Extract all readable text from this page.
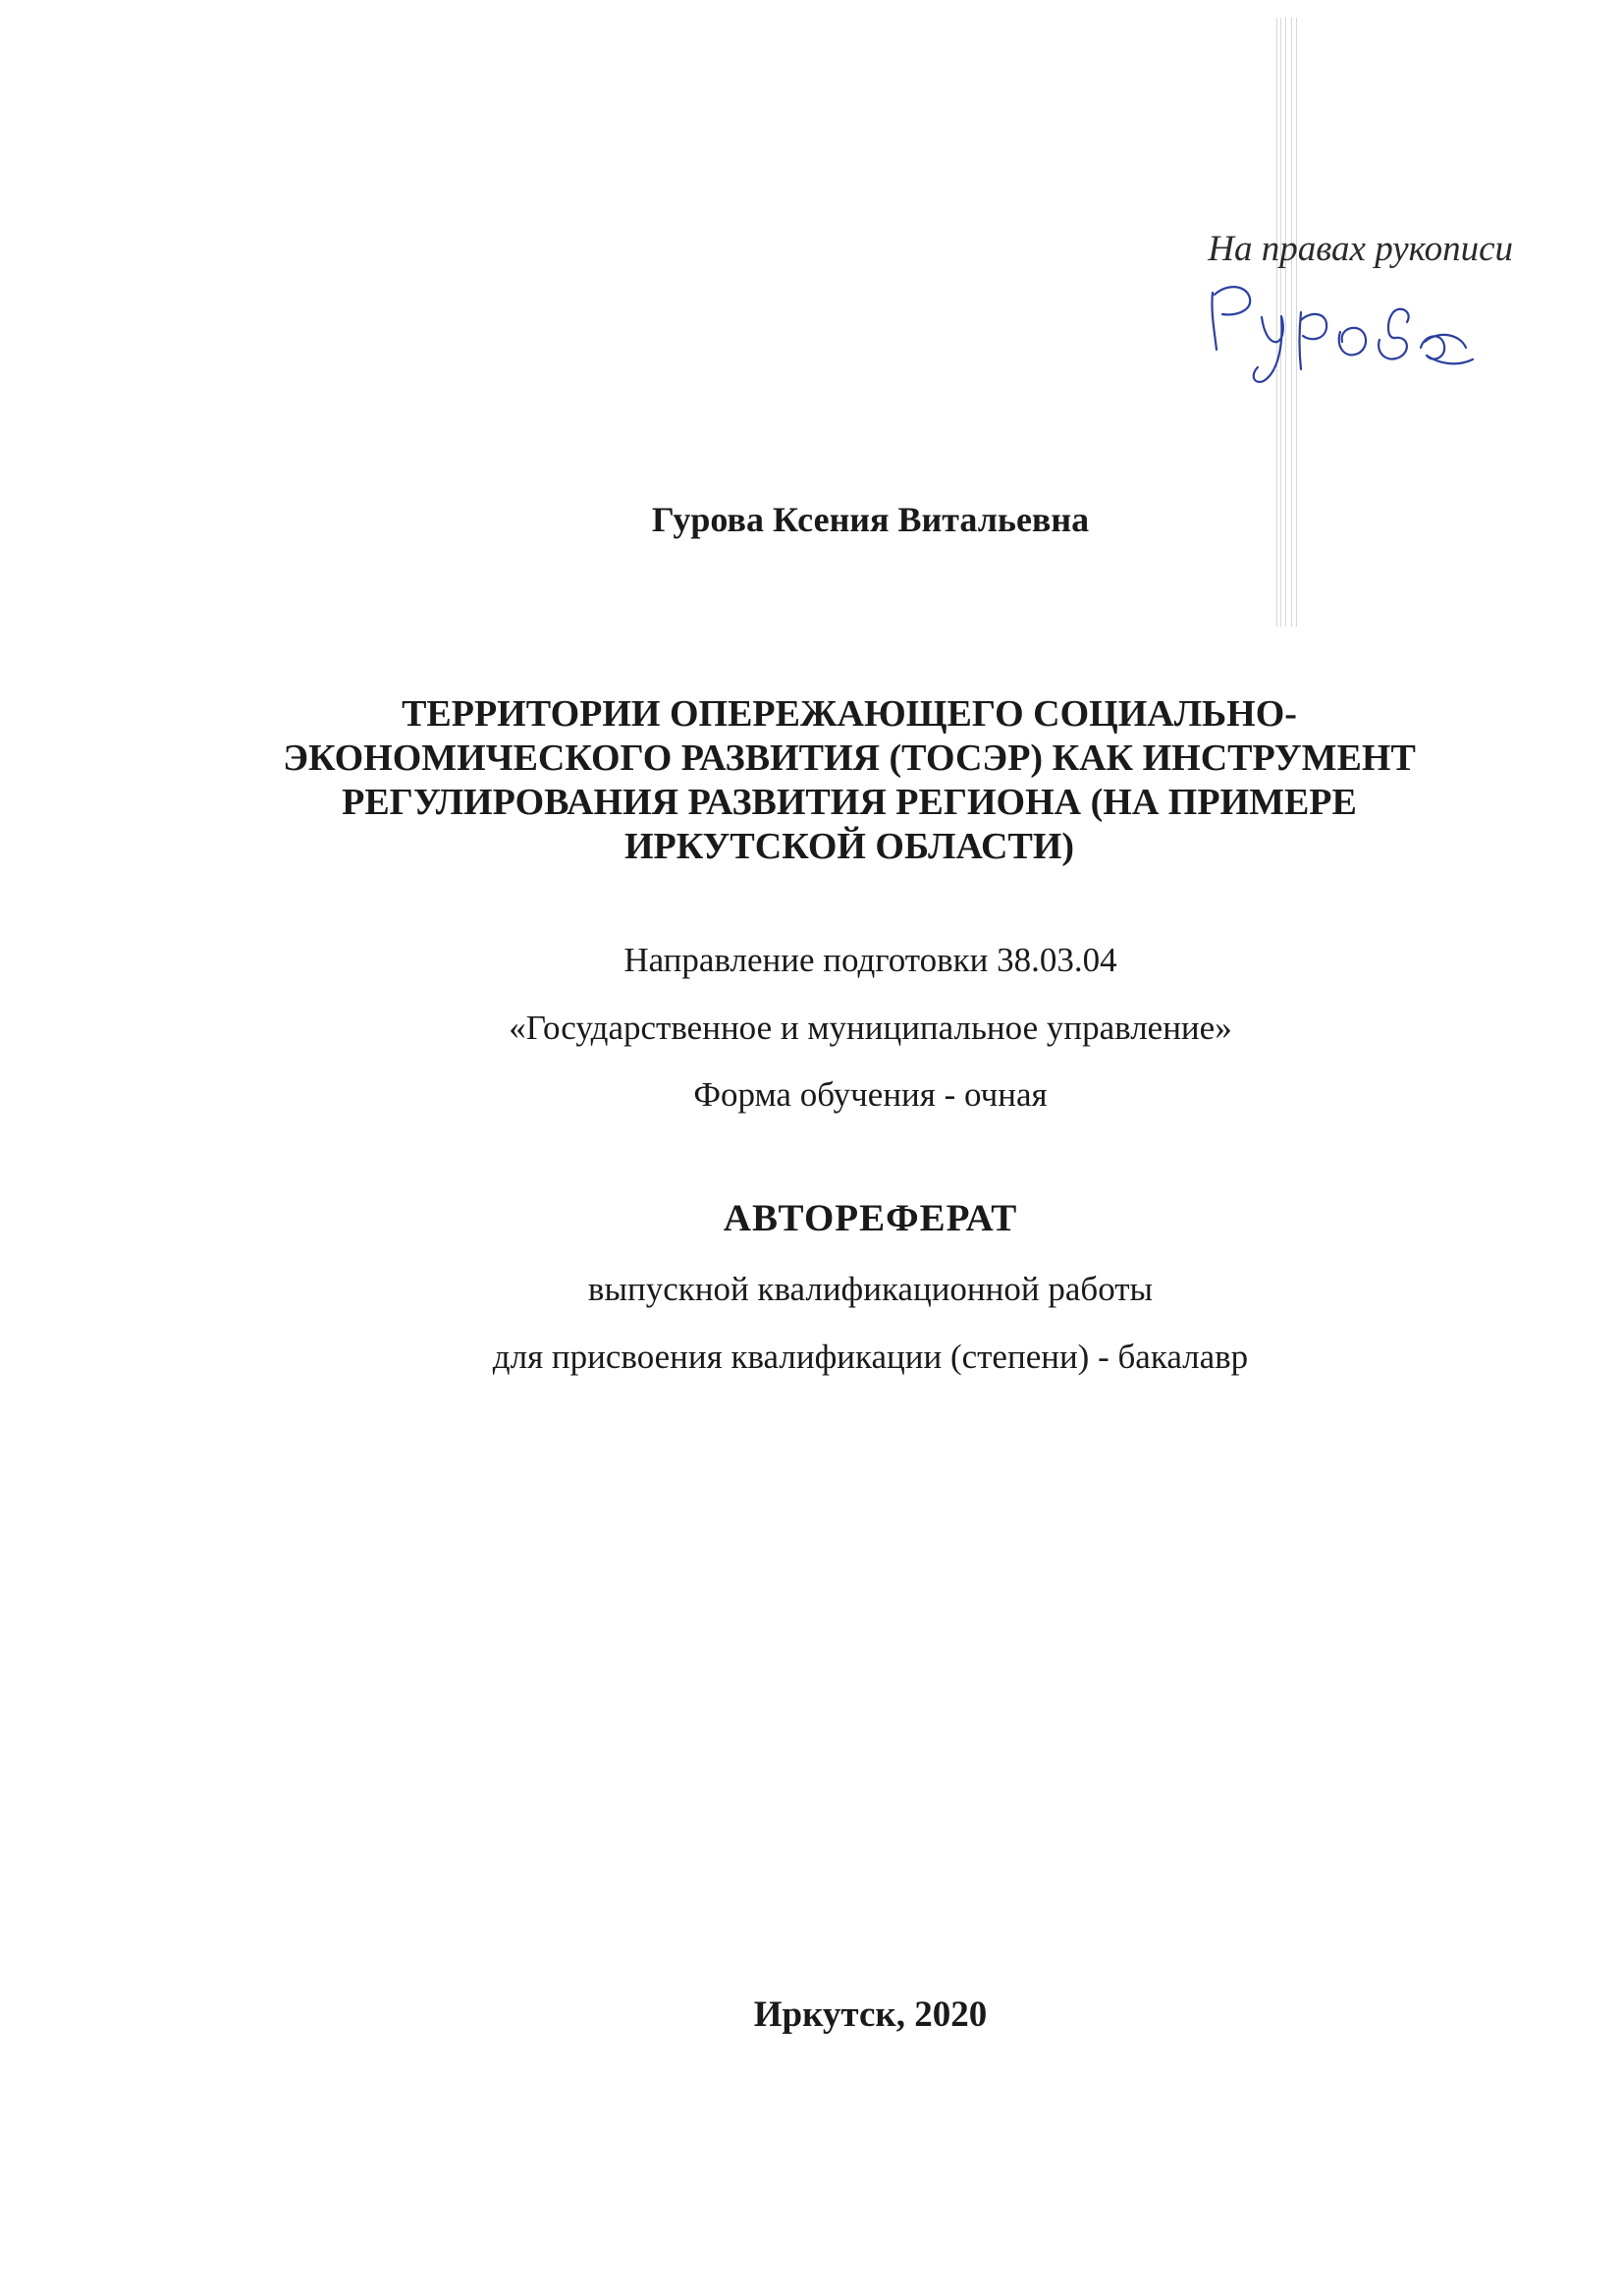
На правах рукописи
Гурова Ксения Витальевна
ТЕРРИТОРИИ ОПЕРЕЖАЮЩЕГО СОЦИАЛЬНО-
ЭКОНОМИЧЕСКОГО РАЗВИТИЯ (ТОСЭР) КАК ИНСТРУМЕНТ
РЕГУЛИРОВАНИЯ РАЗВИТИЯ РЕГИОНА (НА ПРИМЕРЕ
ИРКУТСКОЙ ОБЛАСТИ)
Направление подготовки 38.03.04
«Государственное и муниципальное управление»
Форма обучения - очная
АВТОРЕФЕРАТ
выпускной квалификационной работы
для присвоения квалификации (степени) - бакалавр
Иркутск, 2020
